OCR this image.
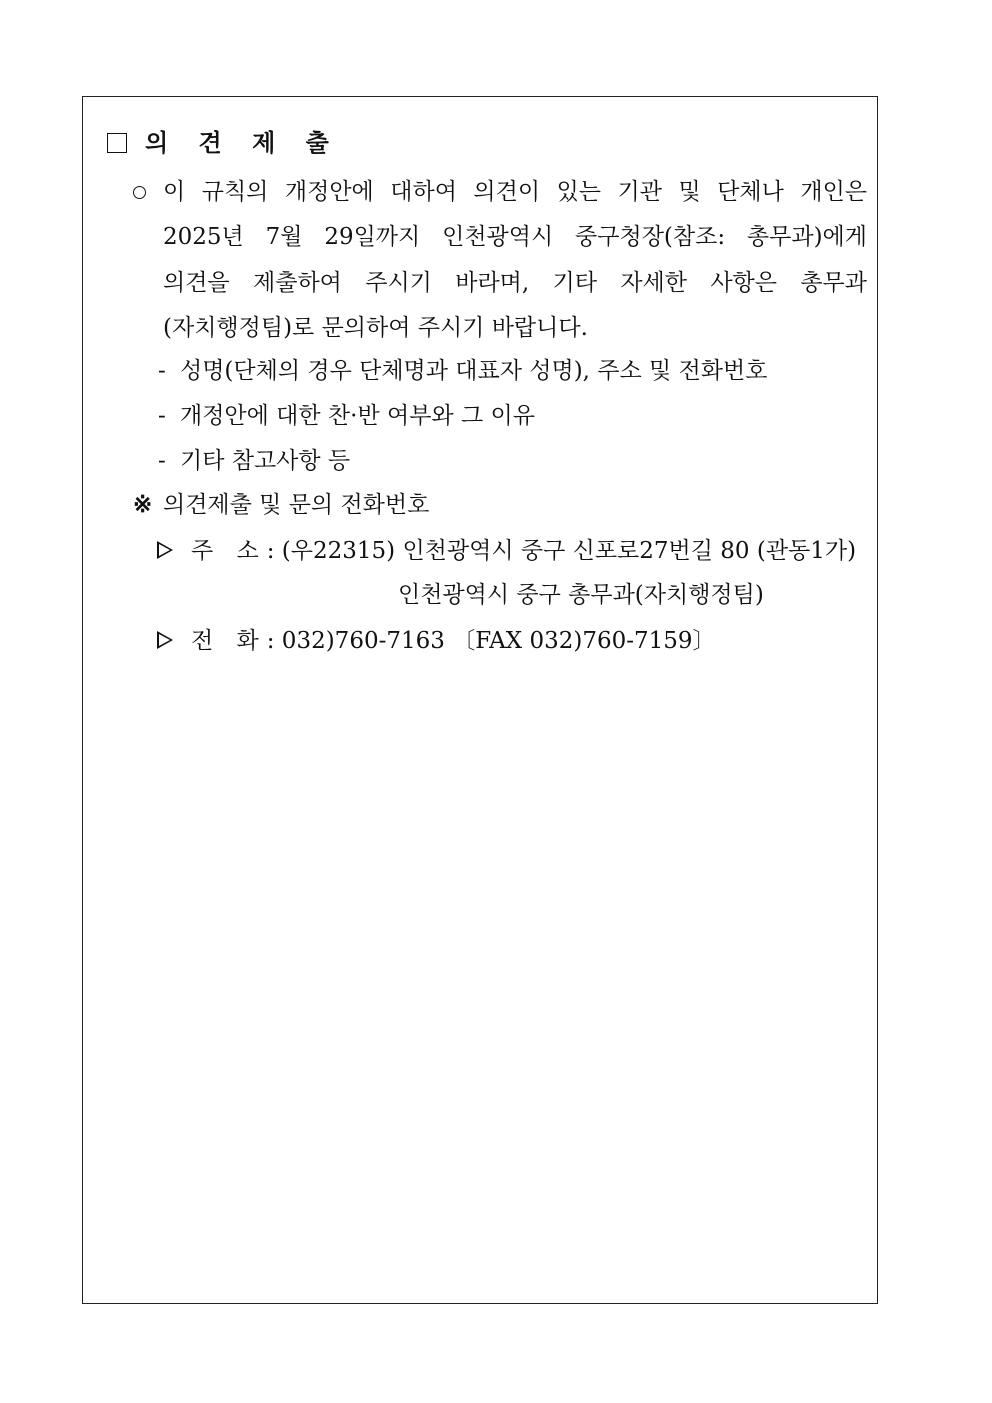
의 견 제 출
이 규칙의 개정안에 대하여 의견이 있는 기관 및 단체나 개인은
2025년 7월 29일까지 인천광역시 중구청장(참조: 총무과)에게
의견을 제출하여 주시기 바라며, 기타 자세한 사항은 총무과
(자치행정팀)로 문의하여 주시기 바랍니다.
- 성명(단체의 경우 단체명과 대표자 성명), 주소 및 전화번호
- 개정안에 대한 찬·반 여부와 그 이유
- 기타 참고사항 등
※ 의견제출 및 문의 전화번호
주 소: (우22315) 인천광역시 중구 신포로27번길 80 (관동1가)
인천광역시 중구 총무과(자치행정팀)
전 화: 032)760-7163 〔FAX 032)760-7159〕
